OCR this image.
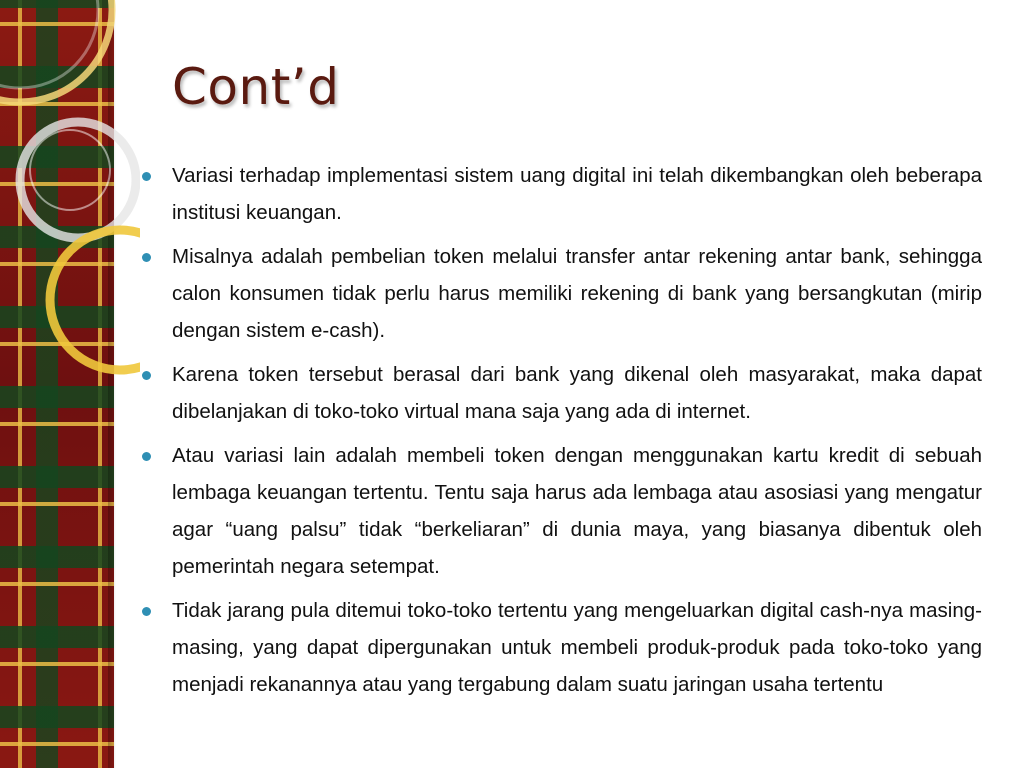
Cont’d
Variasi terhadap implementasi sistem uang digital ini telah dikembangkan oleh beberapa institusi keuangan.
Misalnya adalah pembelian token melalui transfer antar rekening antar bank, sehingga calon konsumen tidak perlu harus memiliki rekening di bank yang bersangkutan (mirip dengan sistem e-cash).
Karena token tersebut berasal dari bank yang dikenal oleh masyarakat, maka dapat dibelanjakan di toko-toko virtual mana saja yang ada di internet.
Atau variasi lain adalah membeli token dengan menggunakan kartu kredit di sebuah lembaga keuangan tertentu. Tentu saja harus ada lembaga atau asosiasi yang mengatur agar “uang palsu” tidak “berkeliaran” di dunia maya, yang biasanya dibentuk oleh pemerintah negara setempat.
Tidak jarang pula ditemui toko-toko tertentu yang mengeluarkan digital cash-nya masing-masing, yang dapat dipergunakan untuk membeli produk-produk pada toko-toko yang menjadi rekanannya atau yang tergabung dalam suatu jaringan usaha tertentu
